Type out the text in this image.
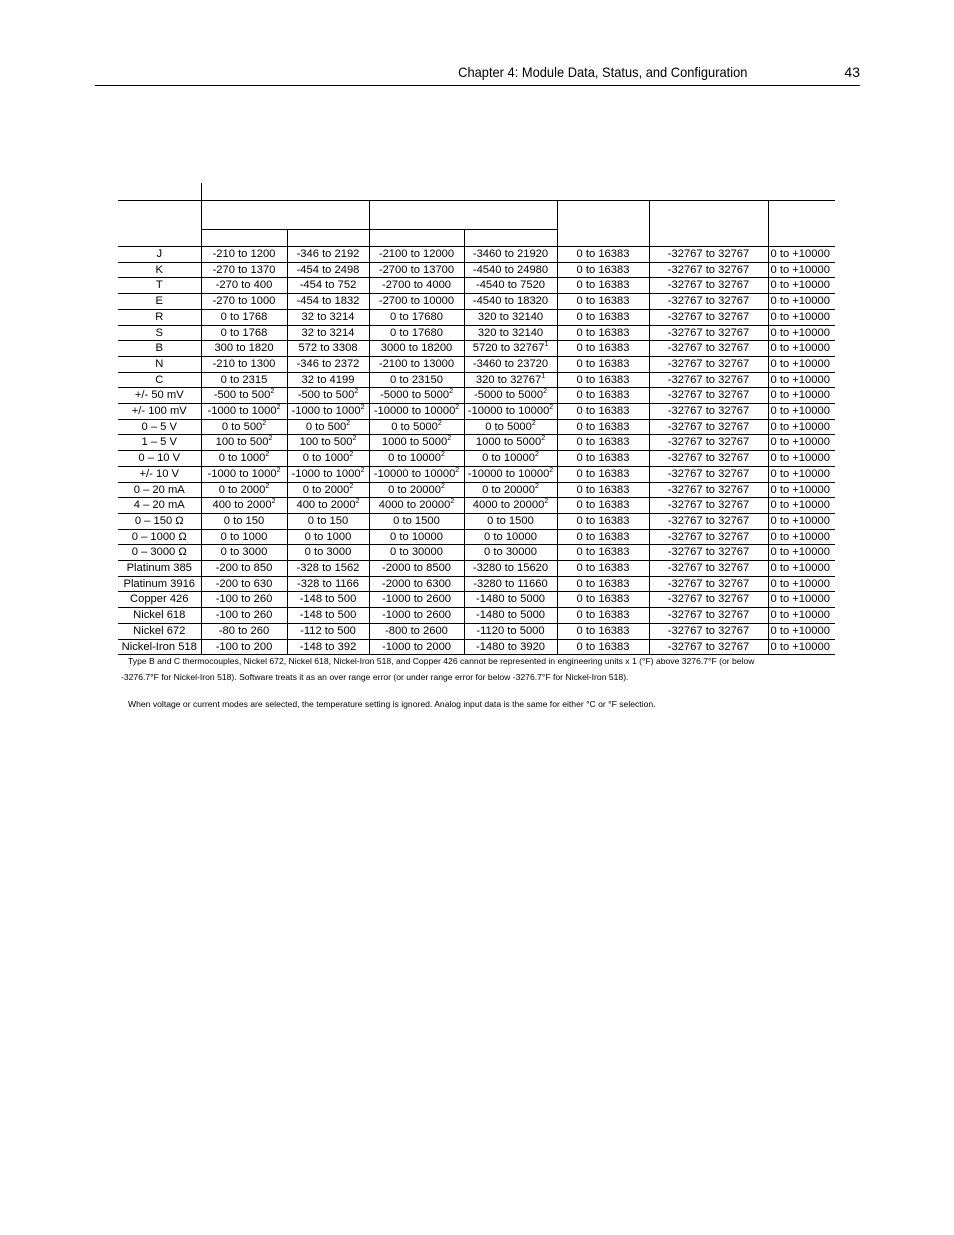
Chapter 4: Module Data, Status, and Configuration	43
J	-210 to 1200	-346 to 2192	-2100 to 12000	-3460 to 21920	0 to 16383	-32767 to 32767	0 to +10000
K	-270 to 1370	-454 to 2498	-2700 to 13700	-4540 to 24980	0 to 16383	-32767 to 32767	0 to +10000
T	-270 to 400	-454 to 752	-2700 to 4000	-4540 to 7520	0 to 16383	-32767 to 32767	0 to +10000
E	-270 to 1000	-454 to 1832	-2700 to 10000	-4540 to 18320	0 to 16383	-32767 to 32767	0 to +10000
R	0 to 1768	32 to 3214	0 to 17680	320 to 32140	0 to 16383	-32767 to 32767	0 to +10000
S	0 to 1768	32 to 3214	0 to 17680	320 to 32140	0 to 16383	-32767 to 32767	0 to +10000
B	300 to 1820	572 to 3308	3000 to 18200	5720 to 32767$^1$	0 to 16383	-32767 to 32767	0 to +10000
N	-210 to 1300	-346 to 2372	-2100 to 13000	-3460 to 23720	0 to 16383	-32767 to 32767	0 to +10000
C	0 to 2315	32 to 4199	0 to 23150	320 to 32767$^1$	0 to 16383	-32767 to 32767	0 to +10000
+/- 50 mV	-500 to $500^2$	-500 to $500^2$	-5000 to 5000$^2$	-5000 to 5000$^2$	0 to 16383	-32767 to 32767	0 to +10000
+/- 100 mV	-1000 to 1000$^2$	-1000 to 1000$^2$	-10000 to 10000$^2$	-10000 to 10000$^2$	0 to 16383	-32767 to 32767	0 to +10000
0 – 5 V	0 to $500^2$	0 to $500^2$	0 to 5000$^2$	0 to 5000$^2$	0 to 16383	-32767 to 32767	0 to +10000
1 – 5 V	100 to $500^2$	100 to $500^2$	1000 to 5000$^2$	1000 to 5000$^2$	0 to 16383	-32767 to 32767	0 to +10000
0 – 10 V	0 to 1000$^2$	0 to 1000$^2$	0 to 10000$^2$	0 to 10000$^2$	0 to 16383	-32767 to 32767	0 to +10000
+/- 10 V	-1000 to 1000$^2$	-1000 to 1000$^2$	-10000 to 10000$^2$	-10000 to 10000$^2$	0 to 16383	-32767 to 32767	0 to +10000
0 – 20 mA	0 to 2000$^2$	0 to 2000$^2$	0 to 20000$^2$	0 to 20000$^2$	0 to 16383	-32767 to 32767	0 to +10000
4 – 20 mA	400 to 2000$^2$	400 to 2000$^2$	4000 to 20000$^2$	4000 to 20000$^2$	0 to 16383	-32767 to 32767	0 to +10000
0 – 150 Ω	0 to 150	0 to 150	0 to 1500	0 to 1500	0 to 16383	-32767 to 32767	0 to +10000
0 – 1000 Ω	0 to 1000	0 to 1000	0 to 10000	0 to 10000	0 to 16383	-32767 to 32767	0 to +10000
0 – 3000 Ω	0 to 3000	0 to 3000	0 to 30000	0 to 30000	0 to 16383	-32767 to 32767	0 to +10000
Platinum 385	-200 to 850	-328 to 1562	-2000 to 8500	-3280 to 15620	0 to 16383	-32767 to 32767	0 to +10000
Platinum 3916	-200 to 630	-328 to 1166	-2000 to 6300	-3280 to 11660	0 to 16383	-32767 to 32767	0 to +10000
Copper 426	-100 to 260	-148 to 500	-1000 to 2600	-1480 to 5000	0 to 16383	-32767 to 32767	0 to +10000
Nickel 618	-100 to 260	-148 to 500	-1000 to 2600	-1480 to 5000	0 to 16383	-32767 to 32767	0 to +10000
Nickel 672	-80 to 260	-112 to 500	-800 to 2600	-1120 to 5000	0 to 16383	-32767 to 32767	0 to +10000
Nickel-Iron 518	-100 to 200	-148 to 392	-1000 to 2000	-1480 to 3920	0 to 16383	-32767 to 32767	0 to +10000
Type B and C thermocouples, Nickel 672, Nickel 618, Nickel-Iron 518, and Copper 426 cannot be represented in engineering units x 1 (°F) above 3276.7°F (or below -3276.7°F for Nickel-Iron 518). Software treats it as an over range error (or under range error for below -3276.7°F for Nickel-Iron 518).
When voltage or current modes are selected, the temperature setting is ignored. Analog input data is the same for either °C or °F selection.
